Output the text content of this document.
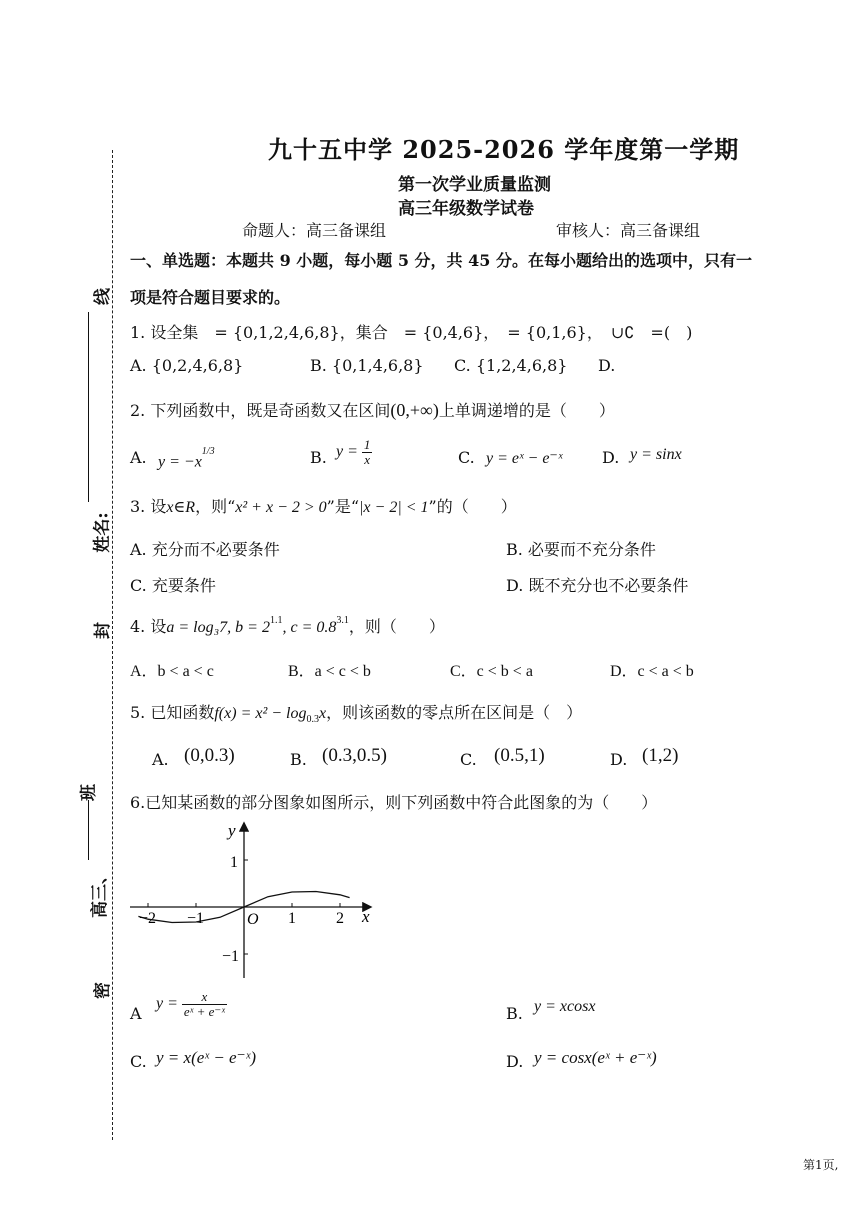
线
姓名:
封
班
高三、
密
九十五中学 2025-2026 学年度第一学期
第一次学业质量监测
高三年级数学试卷
命题人：高三备课组	审核人：高三备课组
一、单选题：本题共 9 小题，每小题 5 分，共 45 分。在每小题给出的选项中，只有一
项是符合题目要求的。
1. 设全集　= {0,1,2,4,6,8}，集合　= {0,4,6}，　= {0,1,6}，　∪∁　=(　)
A. {0,2,4,6,8}	B. {0,1,4,6,8} C. {1,2,4,6,8} D.
2. 下列函数中，既是奇函数又在区间(0,+∞)上单调递增的是（　　）
A. $y = -x^{1/3}$	B. $y = \frac{1}{x}$	C. y = eˣ − e⁻ˣ D. y = sinx
3. 设x∈R，则“x² + x − 2 > 0”是“|x − 2| < 1”的（　　）
A. 充分而不必要条件	B. 必要而不充分条件
C. 充要条件	D. 既不充分也不必要条件
4. 设a = log₃7, $b = 2^{1.1}$, $c = 0.8^{3.1}$，则（　　）
A．b < a < c	B．a < c < b	C．c < b < a	D．c < a < b
5. 已知函数$f(x) = x^2 - \log_{0.3}x$，则该函数的零点所在区间是（　）
A. (0,0.3)	B. (0.3,0.5)	C. (0.5,1)	D. (1,2)
6.已知某函数的部分图象如图所示，则下列函数中符合此图象的为（　　）
y
x
O
1
−1
−2 −1	1	2
A
$y = \frac{x}{\text{eˣ + e⁻ˣ}}$	B. y = xcosx
C. y = x(eˣ − e⁻ˣ)	D. y = cosx(eˣ + e⁻ˣ)
第1页,
